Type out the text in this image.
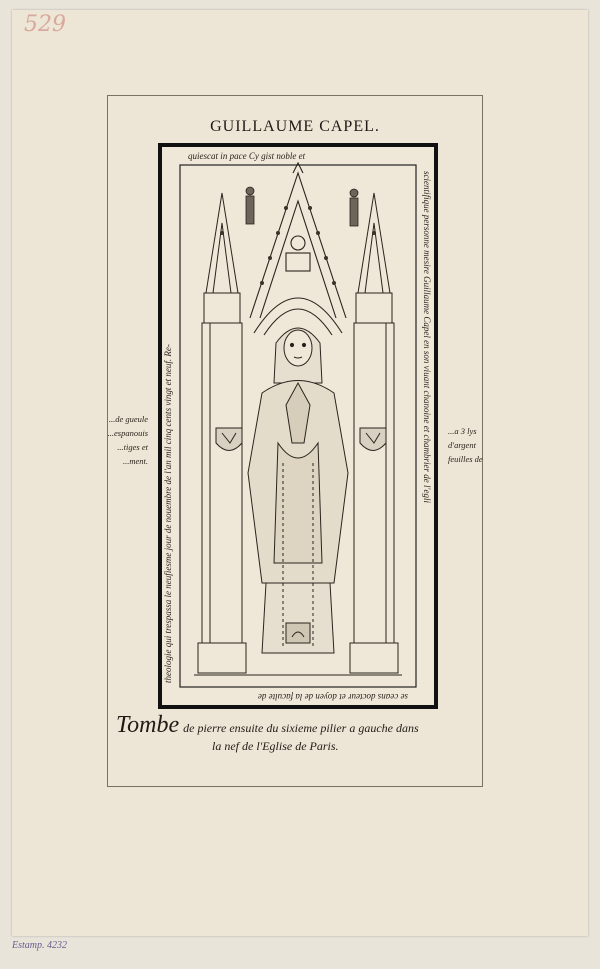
529
GUILLAUME CAPEL.
quiescat in pace Cy gist noble et
scientifique personne mesire Guillaume Capel en son viuant chanoine et chambrier de l'egli
se ceans docteur et doyen de la faculte de
theologie qui trespassa le neufiesme jour de nouembre de l'an mil cinq cents vingt et neuf. Re-
...de gueule
...espanouis
...tiges et
...ment.
...a 3 lys
d'argent
feuilles de
Tombe de pierre ensuite du sixieme pilier a gauche dans
la nef de l'Eglise de Paris.
Estamp. 4232
